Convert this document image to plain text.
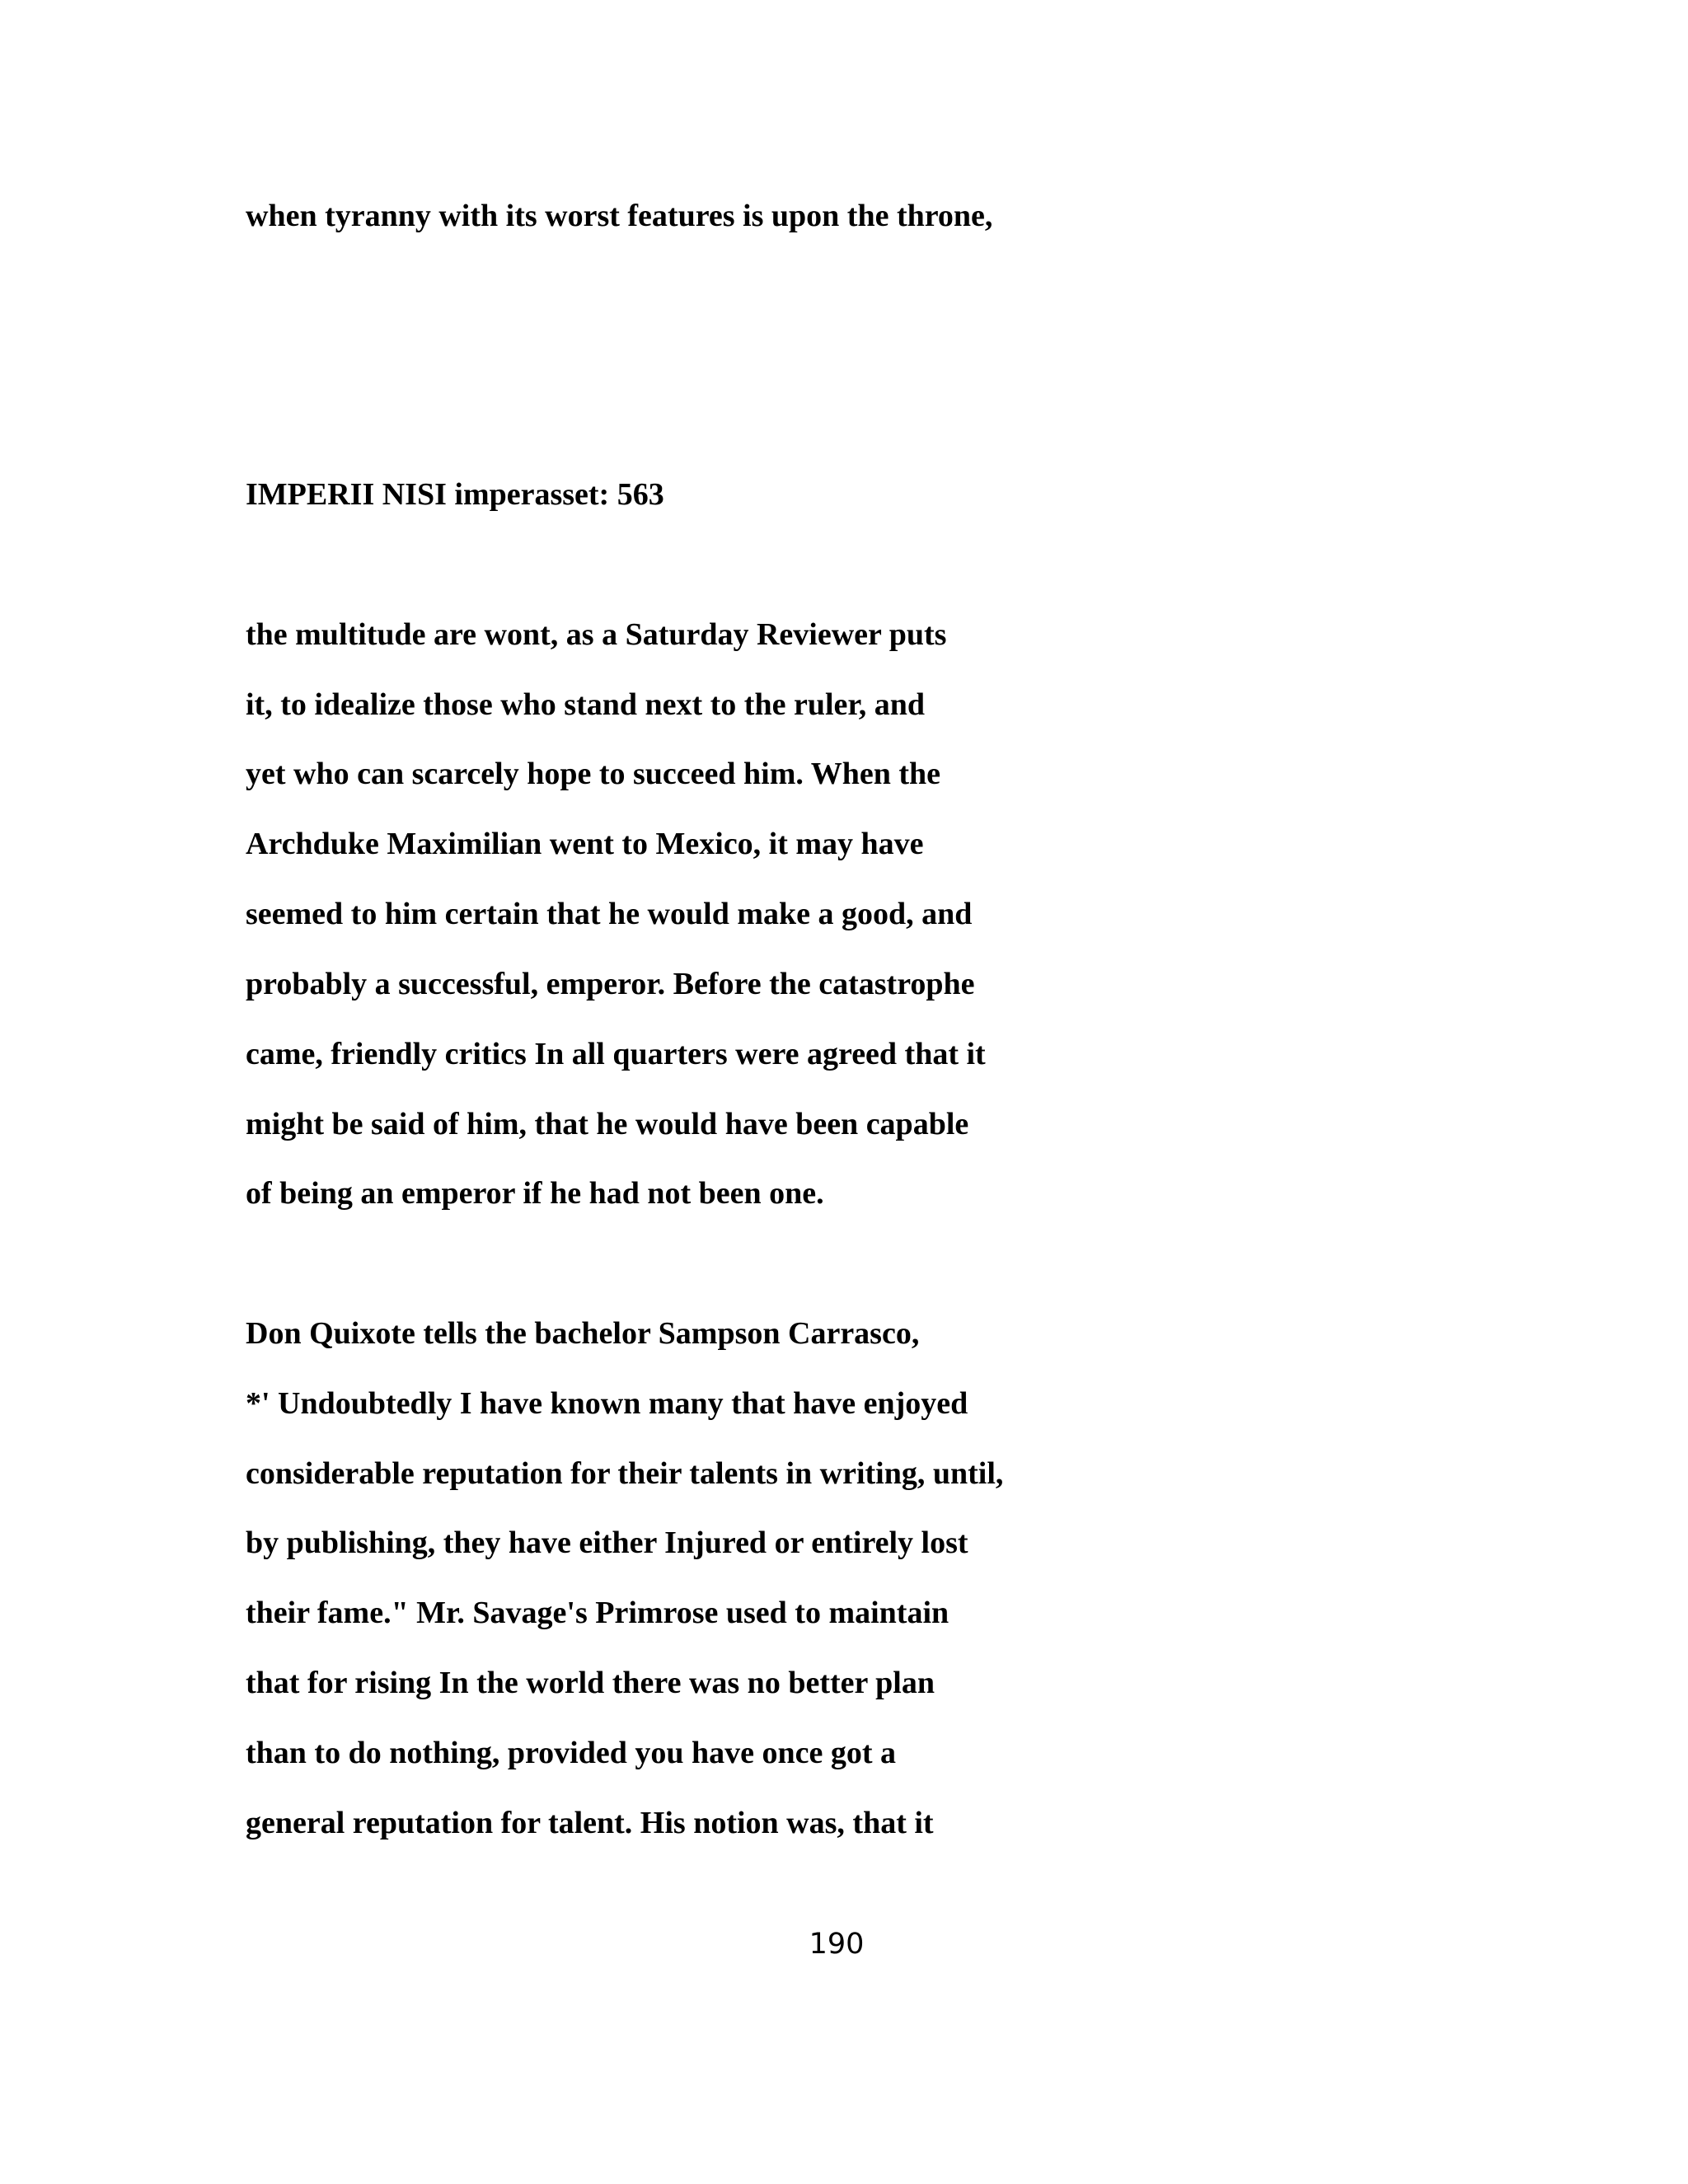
when tyranny with its worst features is upon the throne,

IMPERII NISI imperasset: 563

the multitude are wont, as a Saturday Reviewer puts

it, to idealize those who stand next to the ruler, and

yet who can scarcely hope to succeed him. When the

Archduke Maximilian went to Mexico, it may have

seemed to him certain that he would make a good, and

probably a successful, emperor. Before the catastrophe

came, friendly critics In all quarters were agreed that it

might be said of him, that he would have been capable

of being an emperor if he had not been one.

Don Quixote tells the bachelor Sampson Carrasco,

*' Undoubtedly I have known many that have enjoyed

considerable reputation for their talents in writing, until,

by publishing, they have either Injured or entirely lost

their fame." Mr. Savage's Primrose used to maintain

that for rising In the world there was no better plan

than to do nothing, provided you have once got a

general reputation for talent. His notion was, that it

190
